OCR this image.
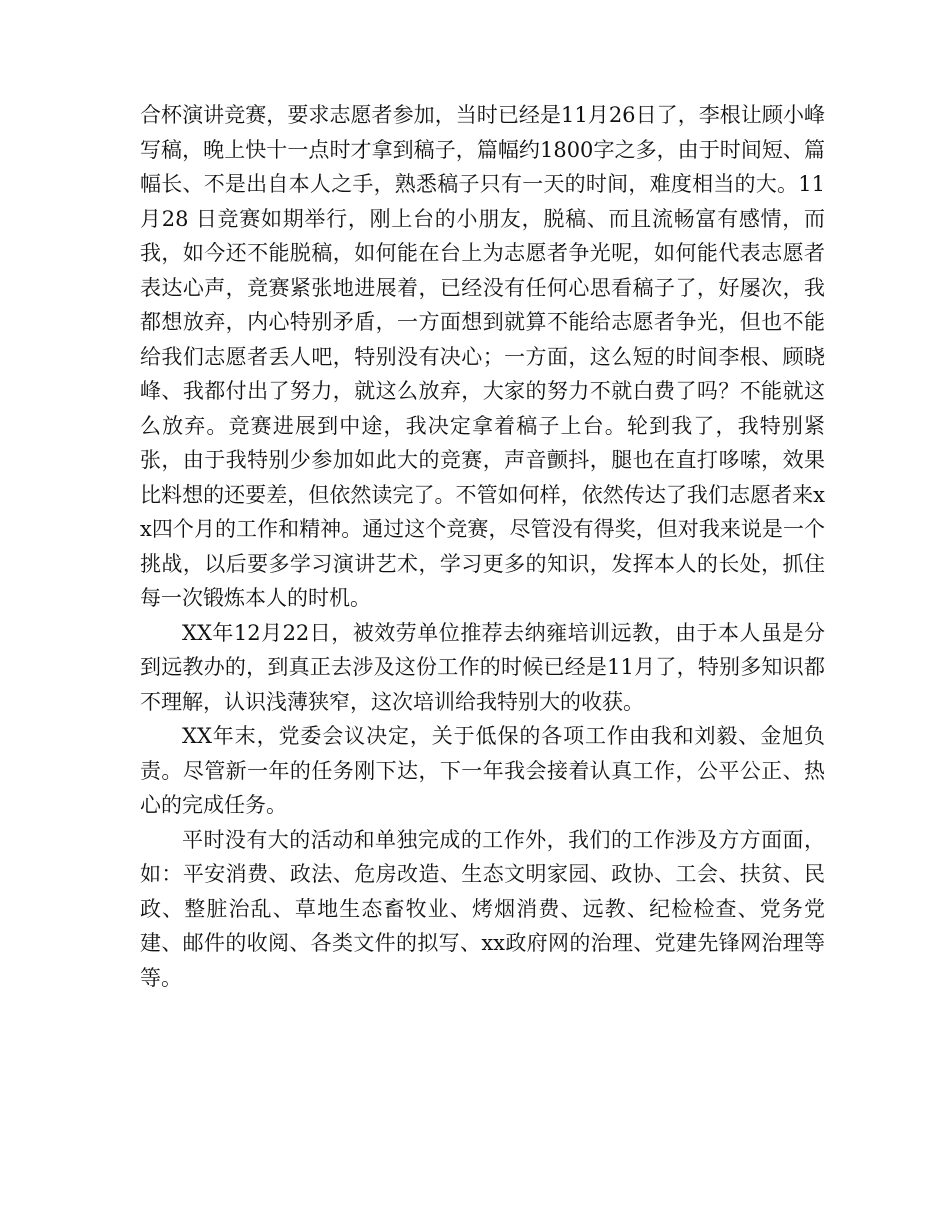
合杯演讲竞赛，要求志愿者参加，当时已经是11月26日了，李根让顾小峰写稿，晚上快十一点时才拿到稿子，篇幅约1800字之多，由于时间短、篇幅长、不是出自本人之手，熟悉稿子只有一天的时间，难度相当的大。11月28 日竞赛如期举行，刚上台的小朋友，脱稿、而且流畅富有感情，而我，如今还不能脱稿，如何能在台上为志愿者争光呢，如何能代表志愿者表达心声，竞赛紧张地进展着，已经没有任何心思看稿子了，好屡次，我都想放弃，内心特别矛盾，一方面想到就算不能给志愿者争光，但也不能给我们志愿者丢人吧，特别没有决心；一方面，这么短的时间李根、顾晓峰、我都付出了努力，就这么放弃，大家的努力不就白费了吗？不能就这么放弃。竞赛进展到中途，我决定拿着稿子上台。轮到我了，我特别紧张，由于我特别少参加如此大的竞赛，声音颤抖，腿也在直打哆嗦，效果比料想的还要差，但依然读完了。不管如何样，依然传达了我们志愿者来xx四个月的工作和精神。通过这个竞赛，尽管没有得奖，但对我来说是一个挑战，以后要多学习演讲艺术，学习更多的知识，发挥本人的长处，抓住每一次锻炼本人的时机。

XX年12月22日，被效劳单位推荐去纳雍培训远教，由于本人虽是分到远教办的，到真正去涉及这份工作的时候已经是11月了，特别多知识都不理解，认识浅薄狭窄，这次培训给我特别大的收获。

XX年末，党委会议决定，关于低保的各项工作由我和刘毅、金旭负责。尽管新一年的任务刚下达，下一年我会接着认真工作，公平公正、热心的完成任务。

平时没有大的活动和单独完成的工作外，我们的工作涉及方方面面，如：平安消费、政法、危房改造、生态文明家园、政协、工会、扶贫、民政、整脏治乱、草地生态畜牧业、烤烟消费、远教、纪检检查、党务党建、邮件的收阅、各类文件的拟写、xx政府网的治理、党建先锋网治理等等。
